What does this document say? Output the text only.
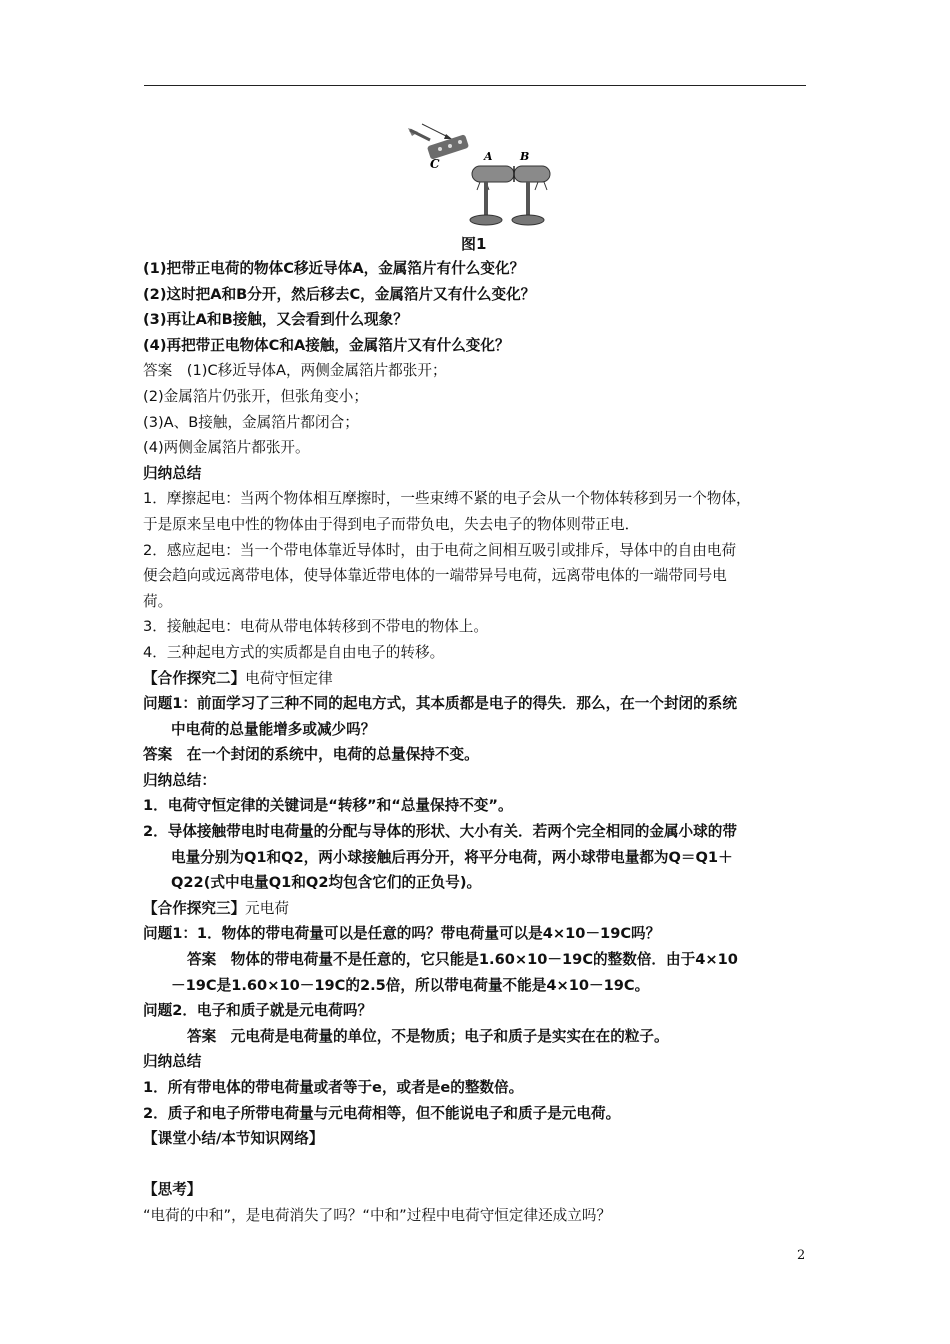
C
A B
图1
(1)把带正电荷的物体C移近导体A，金属箔片有什么变化？
(2)这时把A和B分开，然后移去C，金属箔片又有什么变化？
(3)再让A和B接触，又会看到什么现象？
(4)再把带正电物体C和A接触，金属箔片又有什么变化？
答案　(1)C移近导体A，两侧金属箔片都张开；
(2)金属箔片仍张开，但张角变小；
(3)A、B接触，金属箔片都闭合；
(4)两侧金属箔片都张开。
归纳总结
1．摩擦起电：当两个物体相互摩擦时，一些束缚不紧的电子会从一个物体转移到另一个物体，
于是原来呈电中性的物体由于得到电子而带负电，失去电子的物体则带正电．
2．感应起电：当一个带电体靠近导体时，由于电荷之间相互吸引或排斥，导体中的自由电荷
便会趋向或远离带电体，使导体靠近带电体的一端带异号电荷，远离带电体的一端带同号电
荷。
3．接触起电：电荷从带电体转移到不带电的物体上。
4．三种起电方式的实质都是自由电子的转移。
【合作探究二】电荷守恒定律
问题1：前面学习了三种不同的起电方式，其本质都是电子的得失．那么，在一个封闭的系统
中电荷的总量能增多或减少吗？
答案　在一个封闭的系统中，电荷的总量保持不变。
归纳总结：
1．电荷守恒定律的关键词是“转移”和“总量保持不变”。
2．导体接触带电时电荷量的分配与导体的形状、大小有关．若两个完全相同的金属小球的带
电量分别为Q1和Q2，两小球接触后再分开，将平分电荷，两小球带电量都为Q＝Q1＋
Q22(式中电量Q1和Q2均包含它们的正负号)。
【合作探究三】元电荷
问题1：1．物体的带电荷量可以是任意的吗？带电荷量可以是4×10－19C吗？
答案　物体的带电荷量不是任意的，它只能是1.60×10－19C的整数倍．由于4×10
－19C是1.60×10－19C的2.5倍，所以带电荷量不能是4×10－19C。
问题2．电子和质子就是元电荷吗？
答案　元电荷是电荷量的单位，不是物质；电子和质子是实实在在的粒子。
归纳总结
1．所有带电体的带电荷量或者等于e，或者是e的整数倍。
2．质子和电子所带电荷量与元电荷相等，但不能说电子和质子是元电荷。
【课堂小结/本节知识网络】
【思考】
“电荷的中和”，是电荷消失了吗？“中和”过程中电荷守恒定律还成立吗？
2
